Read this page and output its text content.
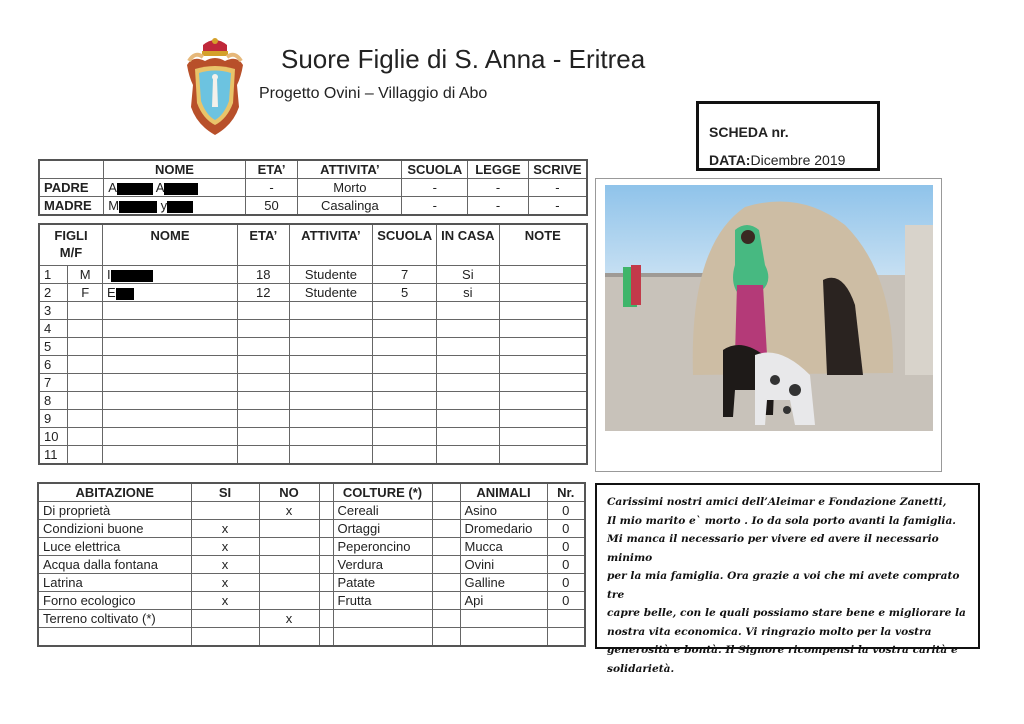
Suore Figlie di S. Anna - Eritrea
Progetto Ovini – Villaggio di Abo
SCHEDA nr.
DATA:Dicembre 2019
	NOME	ETA’	ATTIVITA’	SCUOLA	LEGGE	SCRIVE
PADRE	A A	-	Morto	-	-	-
MADRE	M y	50	Casalinga	-	-	-
FIGLI
M/F		NOME	ETA’	ATTIVITA’	SCUOLA	IN CASA	NOTE
1	M	I	18	Studente	7	Si	
2	F	E	12	Studente	5	si	
3							
4							
5							
6							
7							
8							
9							
10							
11							
ABITAZIONE	SI	NO		COLTURE (*)		ANIMALI	Nr.
Di proprietà		x		Cereali		Asino	0
Condizioni buone	x			Ortaggi		Dromedario	0
Luce elettrica	x			Peperoncino		Mucca	0
Acqua dalla fontana	x			Verdura		Ovini	0
Latrina	x			Patate		Galline	0
Forno ecologico	x			Frutta		Api	0
Terreno coltivato (*)		x					

Carissimi nostri amici dell’Aleimar e Fondazione Zanetti,

Il mio marito e` morto . Io da sola porto avanti la famiglia.

Mi manca il necessario per vivere ed avere il necessario minimo

per la mia famiglia. Ora grazie a voi che mi avete comprato tre

capre belle, con le quali possiamo stare bene e migliorare la

nostra vita economica. Vi ringrazio molto per la vostra

generosità e bontà. Il Signore ricompensi la vostra carità e

solidarietà.
